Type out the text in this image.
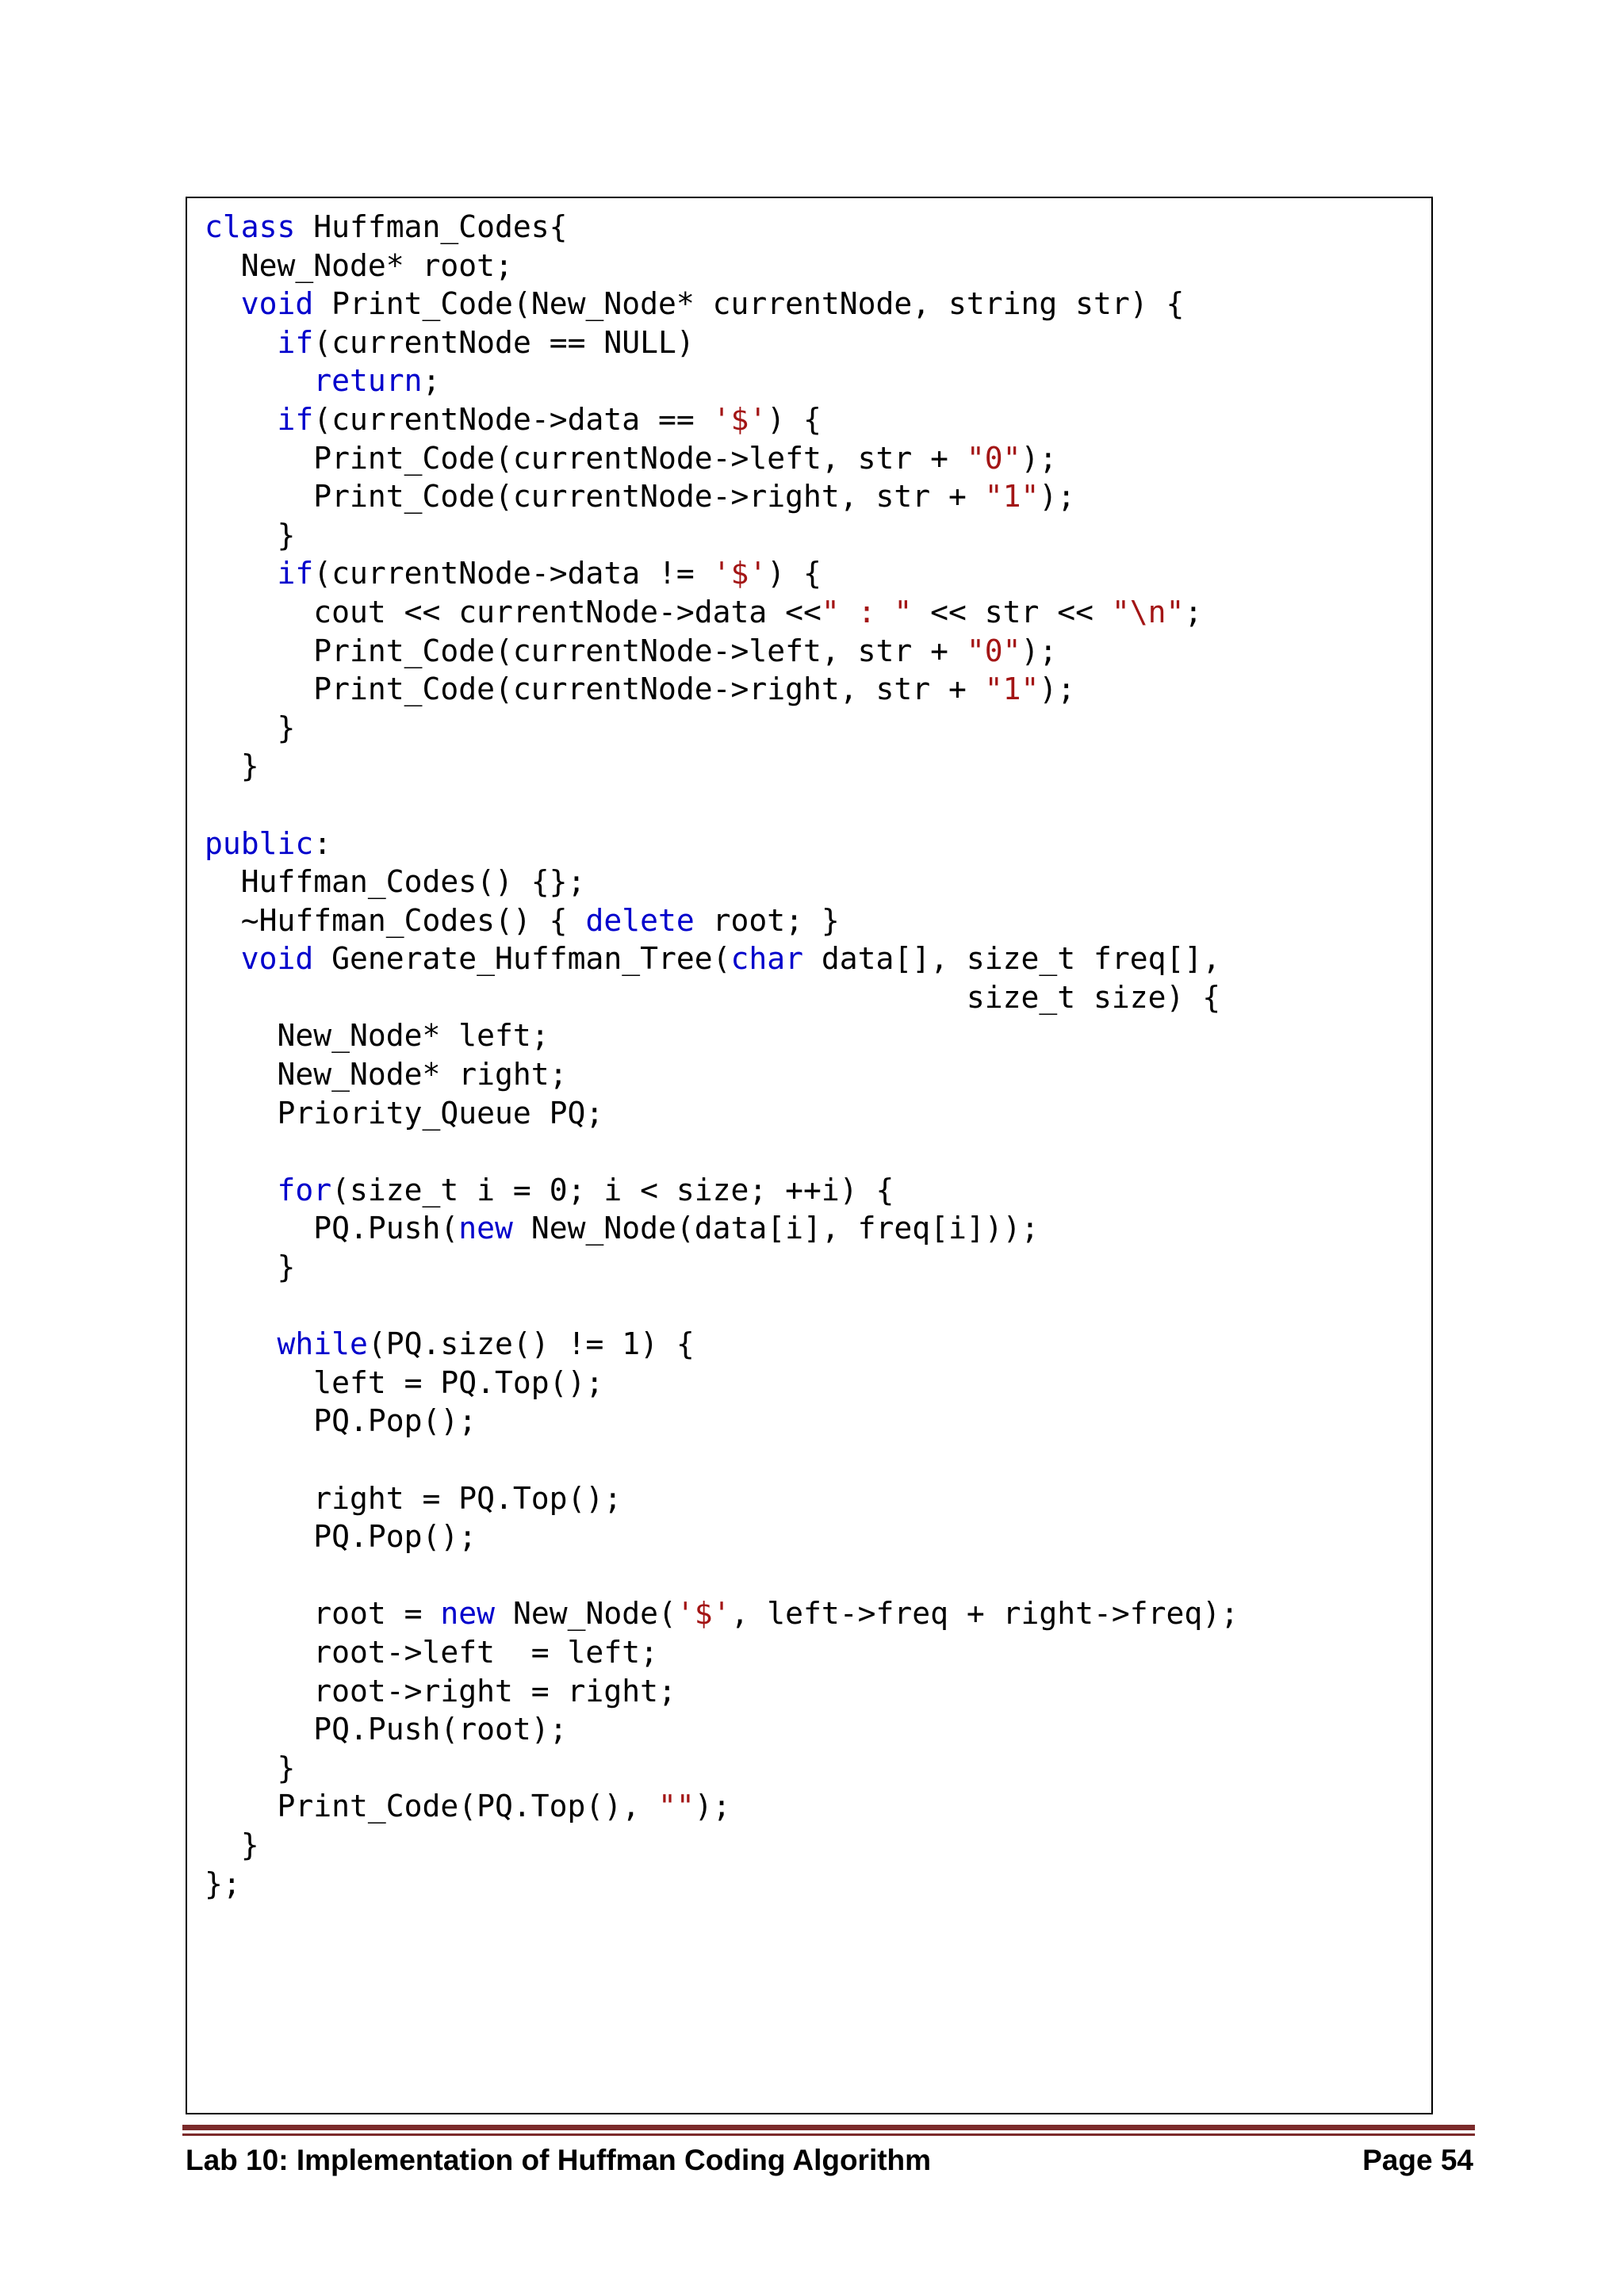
class Huffman_Codes{
New_Node* root;
void Print_Code(New_Node* currentNode, string str) {
if(currentNode == NULL)
return;
if(currentNode->data == '$') {
Print_Code(currentNode->left, str + "0");
Print_Code(currentNode->right, str + "1");
}
if(currentNode->data != '$') {
cout << currentNode->data <<" : " << str << "\n";
Print_Code(currentNode->left, str + "0");
Print_Code(currentNode->right, str + "1");
}
}

public:
Huffman_Codes() {};
~Huffman_Codes() { delete root; }
void Generate_Huffman_Tree(char data[], size_t freq[],
size_t size) {
New_Node* left;
New_Node* right;
Priority_Queue PQ;

for(size_t i = 0; i < size; ++i) {
PQ.Push(new New_Node(data[i], freq[i]));
}

while(PQ.size() != 1) {
left = PQ.Top();
PQ.Pop();

right = PQ.Top();
PQ.Pop();

root = new New_Node('$', left->freq + right->freq);
root->left  = left;
root->right = right;
PQ.Push(root);
}
Print_Code(PQ.Top(), "");
}
};
Lab 10: Implementation of Huffman Coding Algorithm	Page 54
